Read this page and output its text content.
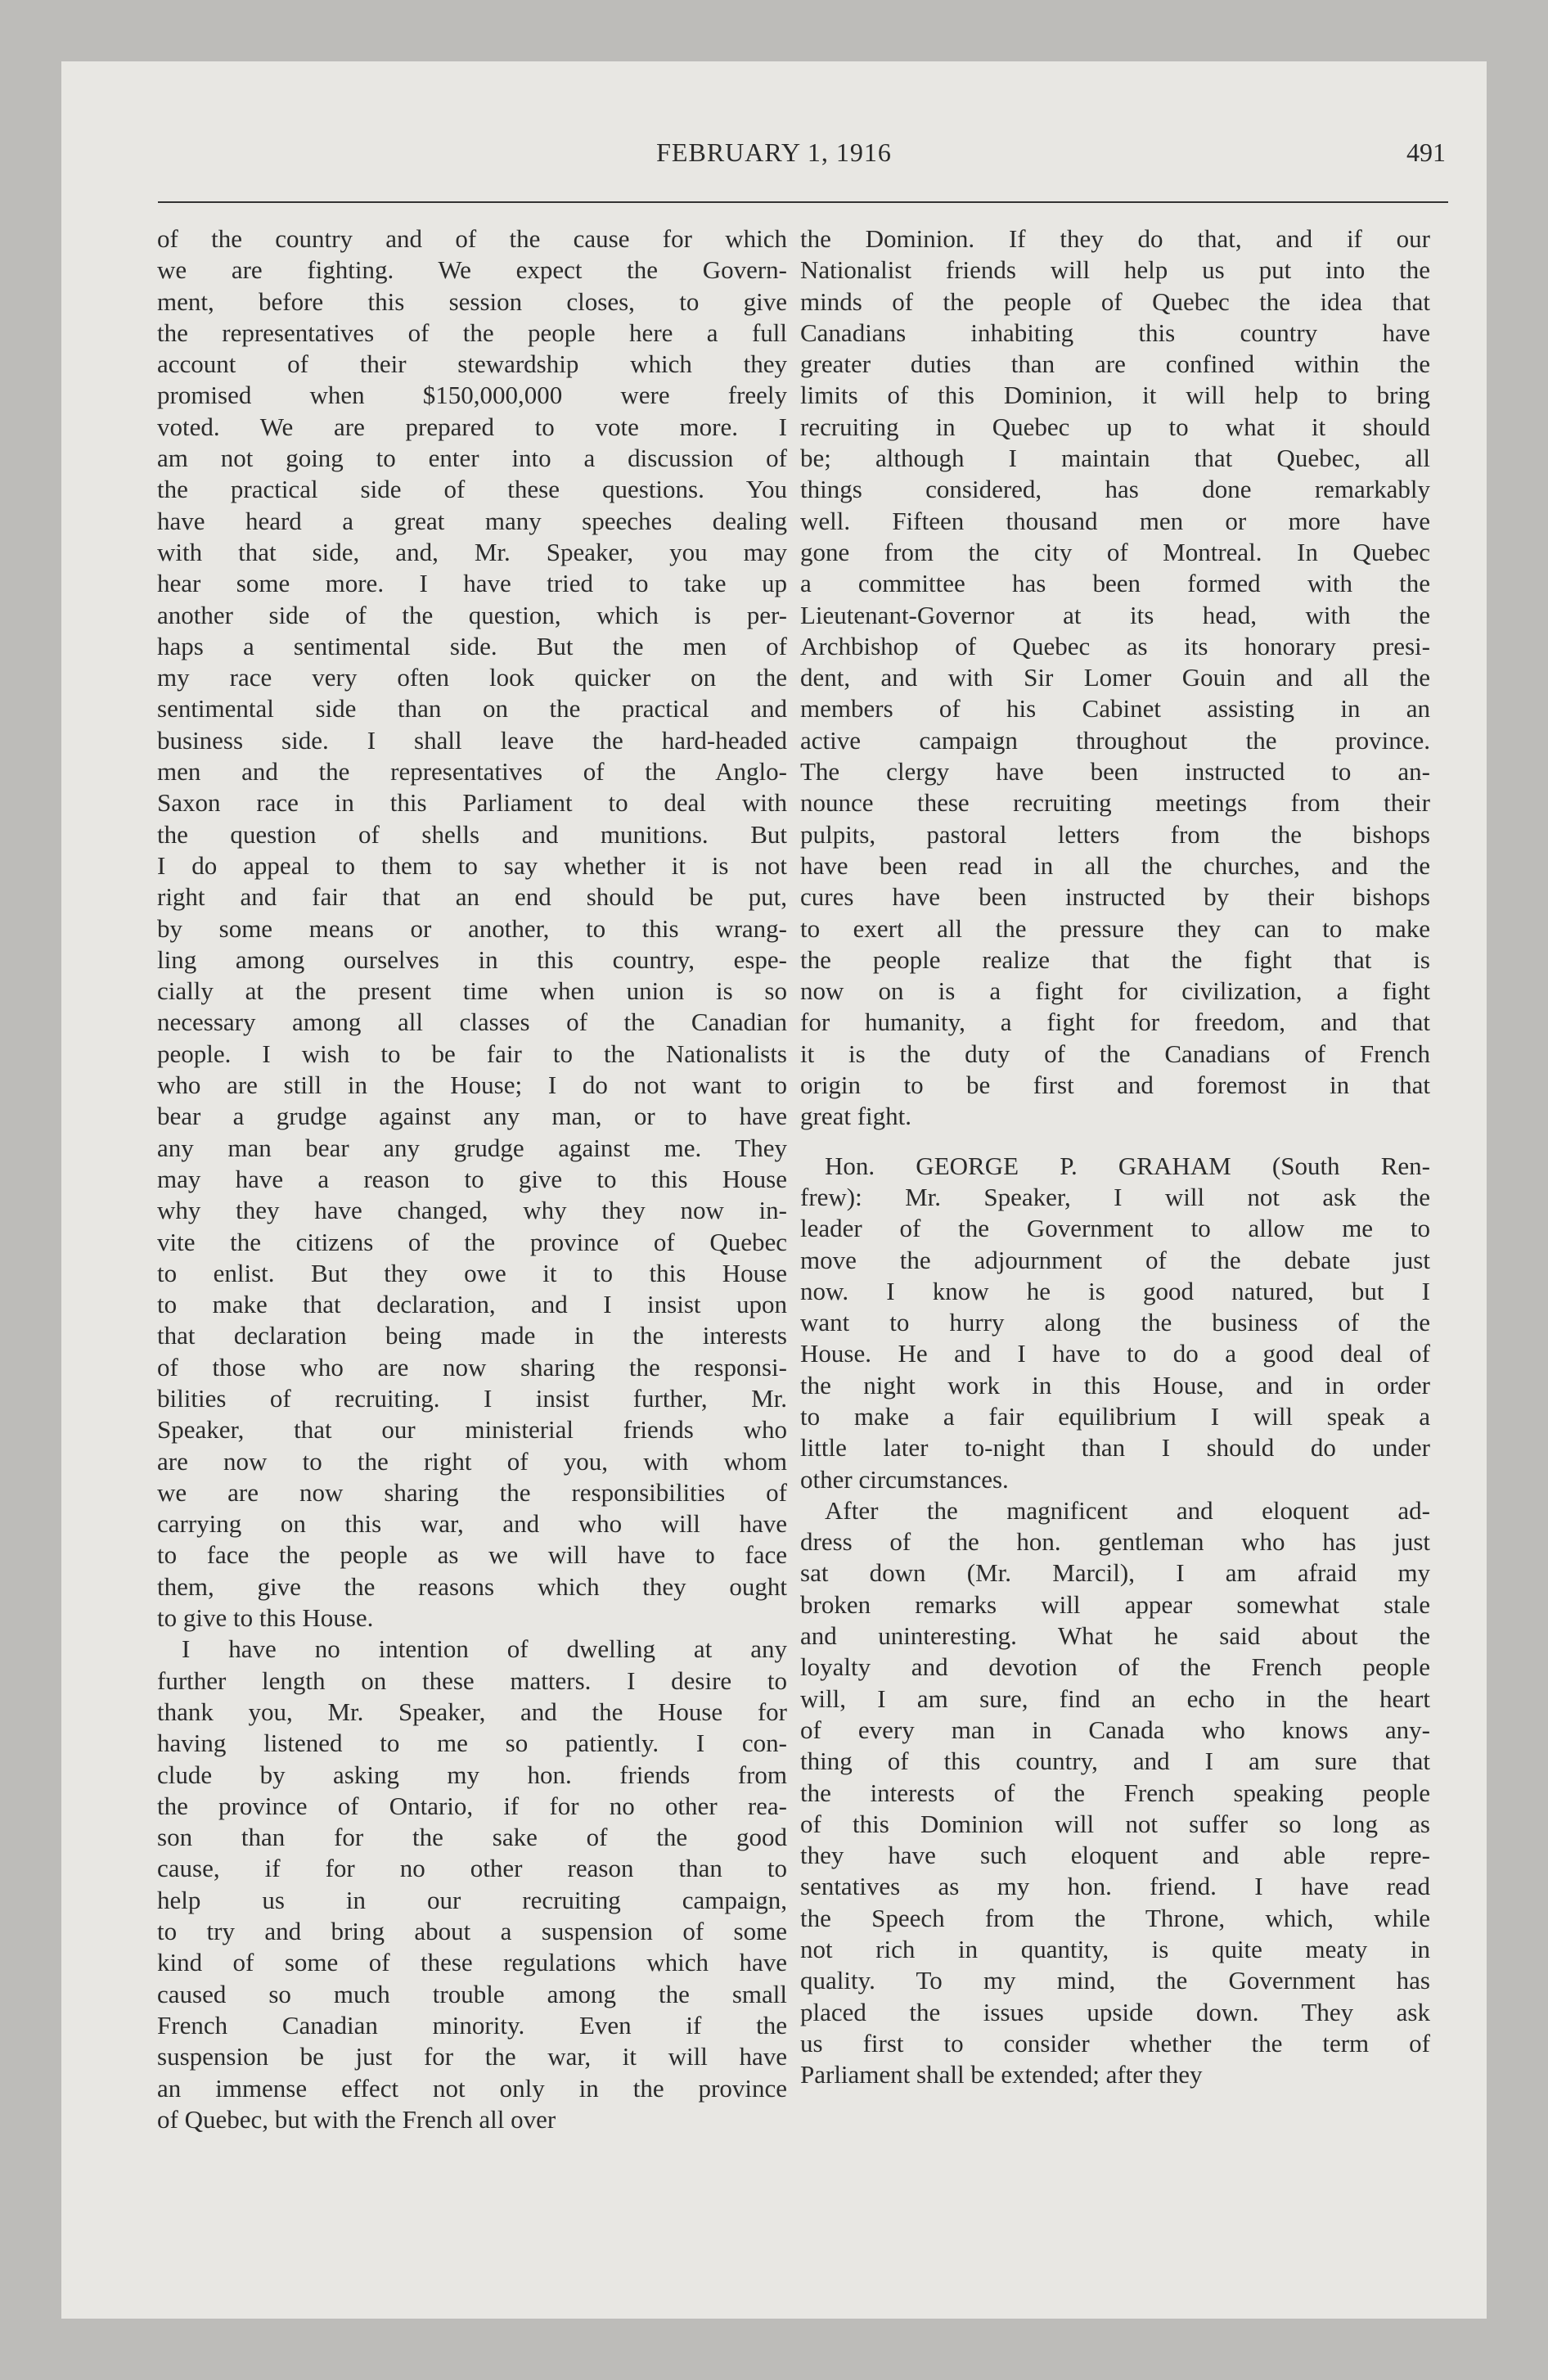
FEBRUARY 1, 1916	491
of the country and of the cause for which
we are fighting. We expect the Govern-
ment, before this session closes, to give
the representatives of the people here a full
account of their stewardship which they
promised when $150,000,000 were freely
voted. We are prepared to vote more. I
am not going to enter into a discussion of
the practical side of these questions. You
have heard a great many speeches dealing
with that side, and, Mr. Speaker, you may
hear some more. I have tried to take up
another side of the question, which is per-
haps a sentimental side. But the men of
my race very often look quicker on the
sentimental side than on the practical and
business side. I shall leave the hard-headed
men and the representatives of the Anglo-
Saxon race in this Parliament to deal with
the question of shells and munitions. But
I do appeal to them to say whether it is not
right and fair that an end should be put,
by some means or another, to this wrang-
ling among ourselves in this country, espe-
cially at the present time when union is so
necessary among all classes of the Canadian
people. I wish to be fair to the Nationalists
who are still in the House; I do not want to
bear a grudge against any man, or to have
any man bear any grudge against me. They
may have a reason to give to this House
why they have changed, why they now in-
vite the citizens of the province of Quebec
to enlist. But they owe it to this House
to make that declaration, and I insist upon
that declaration being made in the interests
of those who are now sharing the responsi-
bilities of recruiting. I insist further, Mr.
Speaker, that our ministerial friends who
are now to the right of you, with whom
we are now sharing the responsibilities of
carrying on this war, and who will have
to face the people as we will have to face
them, give the reasons which they ought
to give to this House.
I have no intention of dwelling at any
further length on these matters. I desire to
thank you, Mr. Speaker, and the House for
having listened to me so patiently. I con-
clude by asking my hon. friends from
the province of Ontario, if for no other rea-
son than for the sake of the good
cause, if for no other reason than to
help us in our recruiting campaign,
to try and bring about a suspension of some
kind of some of these regulations which have
caused so much trouble among the small
French Canadian minority. Even if the
suspension be just for the war, it will have
an immense effect not only in the province
of Quebec, but with the French all over
the Dominion. If they do that, and if our
Nationalist friends will help us put into the
minds of the people of Quebec the idea that
Canadians inhabiting this country have
greater duties than are confined within the
limits of this Dominion, it will help to bring
recruiting in Quebec up to what it should
be; although I maintain that Quebec, all
things considered, has done remarkably
well. Fifteen thousand men or more have
gone from the city of Montreal. In Quebec
a committee has been formed with the
Lieutenant-Governor at its head, with the
Archbishop of Quebec as its honorary presi-
dent, and with Sir Lomer Gouin and all the
members of his Cabinet assisting in an
active campaign throughout the province.
The clergy have been instructed to an-
nounce these recruiting meetings from their
pulpits, pastoral letters from the bishops
have been read in all the churches, and the
cures have been instructed by their bishops
to exert all the pressure they can to make
the people realize that the fight that is
now on is a fight for civilization, a fight
for humanity, a fight for freedom, and that
it is the duty of the Canadians of French
origin to be first and foremost in that
great fight.
Hon. GEORGE P. GRAHAM (South Ren-
frew): Mr. Speaker, I will not ask the
leader of the Government to allow me to
move the adjournment of the debate just
now. I know he is good natured, but I
want to hurry along the business of the
House. He and I have to do a good deal of
the night work in this House, and in order
to make a fair equilibrium I will speak a
little later to-night than I should do under
other circumstances.
After the magnificent and eloquent ad-
dress of the hon. gentleman who has just
sat down (Mr. Marcil), I am afraid my
broken remarks will appear somewhat stale
and uninteresting. What he said about the
loyalty and devotion of the French people
will, I am sure, find an echo in the heart
of every man in Canada who knows any-
thing of this country, and I am sure that
the interests of the French speaking people
of this Dominion will not suffer so long as
they have such eloquent and able repre-
sentatives as my hon. friend. I have read
the Speech from the Throne, which, while
not rich in quantity, is quite meaty in
quality. To my mind, the Government has
placed the issues upside down. They ask
us first to consider whether the term of
Parliament shall be extended; after they
